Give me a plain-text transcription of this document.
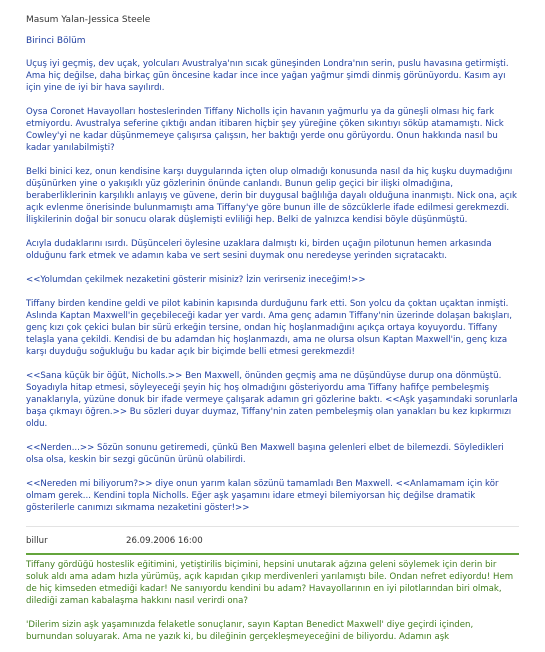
Masum Yalan-Jessica Steele
Birinci Bölüm

Uçuş iyi geçmiş, dev uçak, yolcuları Avustralya'nın sıcak güneşinden Londra'nın serin, puslu havasına getirmişti. Ama hiç değilse, daha birkaç gün öncesine kadar ince ince yağan yağmur şimdi dinmiş görünüyordu. Kasım ayı için yine de iyi bir hava sayılırdı.

Oysa Coronet Havayolları hosteslerinden Tiffany Nicholls için havanın yağmurlu ya da güneşli olması hiç fark etmiyordu. Avustralya seferine çıktığı andan itibaren hiçbir şey yüreğine çöken sıkıntıyı söküp atamamıştı. Nick Cowley'yi ne kadar düşünmemeye çalışırsa çalışsın, her baktığı yerde onu görüyordu. Onun hakkında nasıl bu kadar yanılabilmişti?

Belki binici kez, onun kendisine karşı duygularında içten olup olmadığı konusunda nasıl da hiç kuşku duymadığını düşünürken yine o yakışıklı yüz gözlerinin önünde canlandı. Bunun gelip geçici bir ilişki olmadığına, beraberliklerinin karşılıklı anlayış ve güvene, derin bir duygusal bağlılığa dayalı olduğuna inanmıştı. Nick ona, açık açık evlenme önerisinde bulunmamıştı ama Tiffany'ye göre bunun ille de sözcüklerle ifade edilmesi gerekmezdi. İlişkilerinin doğal bir sonucu olarak düşlemişti evliliği hep. Belki de yalnızca kendisi böyle düşünmüştü.

Acıyla dudaklarını ısırdı. Düşünceleri öylesine uzaklara dalmıştı ki, birden uçağın pilotunun hemen arkasında olduğunu fark etmek ve adamın kaba ve sert sesini duymak onu neredeyse yerinden sıçratacaktı.

<<Yolumdan çekilmek nezaketini gösterir misiniz? İzin verirseniz ineceğim!>>

Tiffany birden kendine geldi ve pilot kabinin kapısında durduğunu fark etti. Son yolcu da çoktan uçaktan inmişti. Aslında Kaptan Maxwell'in geçebileceği kadar yer vardı. Ama genç adamın Tiffany'nin üzerinde dolaşan bakışları, genç kızı çok çekici bulan bir sürü erkeğin tersine, ondan hiç hoşlanmadığını açıkça ortaya koyuyordu. Tiffany telaşla yana çekildi. Kendisi de bu adamdan hiç hoşlanmazdı, ama ne olursa olsun Kaptan Maxwell'in, genç kıza karşı duyduğu soğukluğu bu kadar açık bir biçimde belli etmesi gerekmezdi!

<<Sana küçük bir öğüt, Nicholls.>> Ben Maxwell, önünden geçmiş ama ne düşündüyse durup ona dönmüştü. Soyadıyla hitap etmesi, söyleyeceği şeyin hiç hoş olmadığını gösteriyordu ama Tiffany hafifçe pembeleşmiş yanaklarıyla, yüzüne donuk bir ifade vermeye çalışarak adamın gri gözlerine baktı. <<Aşk yaşamındaki sorunlarla başa çıkmayı öğren.>> Bu sözleri duyar duymaz, Tiffany'nin zaten pembeleşmiş olan yanakları bu kez kıpkırmızı oldu.

<<Nerden...>> Sözün sonunu getiremedi, çünkü Ben Maxwell başına gelenleri elbet de bilemezdi. Söyledikleri olsa olsa, keskin bir sezgi gücünün ürünü olabilirdi.

<<Nereden mi biliyorum?>> diye onun yarım kalan sözünü tamamladı Ben Maxwell. <<Anlamamam için kör olmam gerek... Kendini topla Nicholls. Eğer aşk yaşamını idare etmeyi bilemiyorsan hiç değilse dramatik gösterilerle canımızı sıkmama nezaketini göster!>>

billur	26.09.2006 16:00

Tiffany gördüğü hosteslik eğitimini, yetiştirilis biçimini, hepsini unutarak ağzına geleni söylemek için derin bir soluk aldı ama adam hızla yürümüş, açık kapıdan çıkıp merdivenleri yarılamıştı bile. Ondan nefret ediyordu! Hem de hiç kimseden etmediği kadar! Ne sanıyordu kendini bu adam? Havayollarının en iyi pilotlarından biri olmak, dilediği zaman kabalaşma hakkını nasıl verirdi ona?

'Dilerim sizin aşk yaşamınızda felaketle sonuçlanır, sayın Kaptan Benedict Maxwell' diye geçirdi içinden, burnundan soluyarak. Ama ne yazık ki, bu dileğinin gerçekleşmeyeceğini de biliyordu. Adamın aşk
